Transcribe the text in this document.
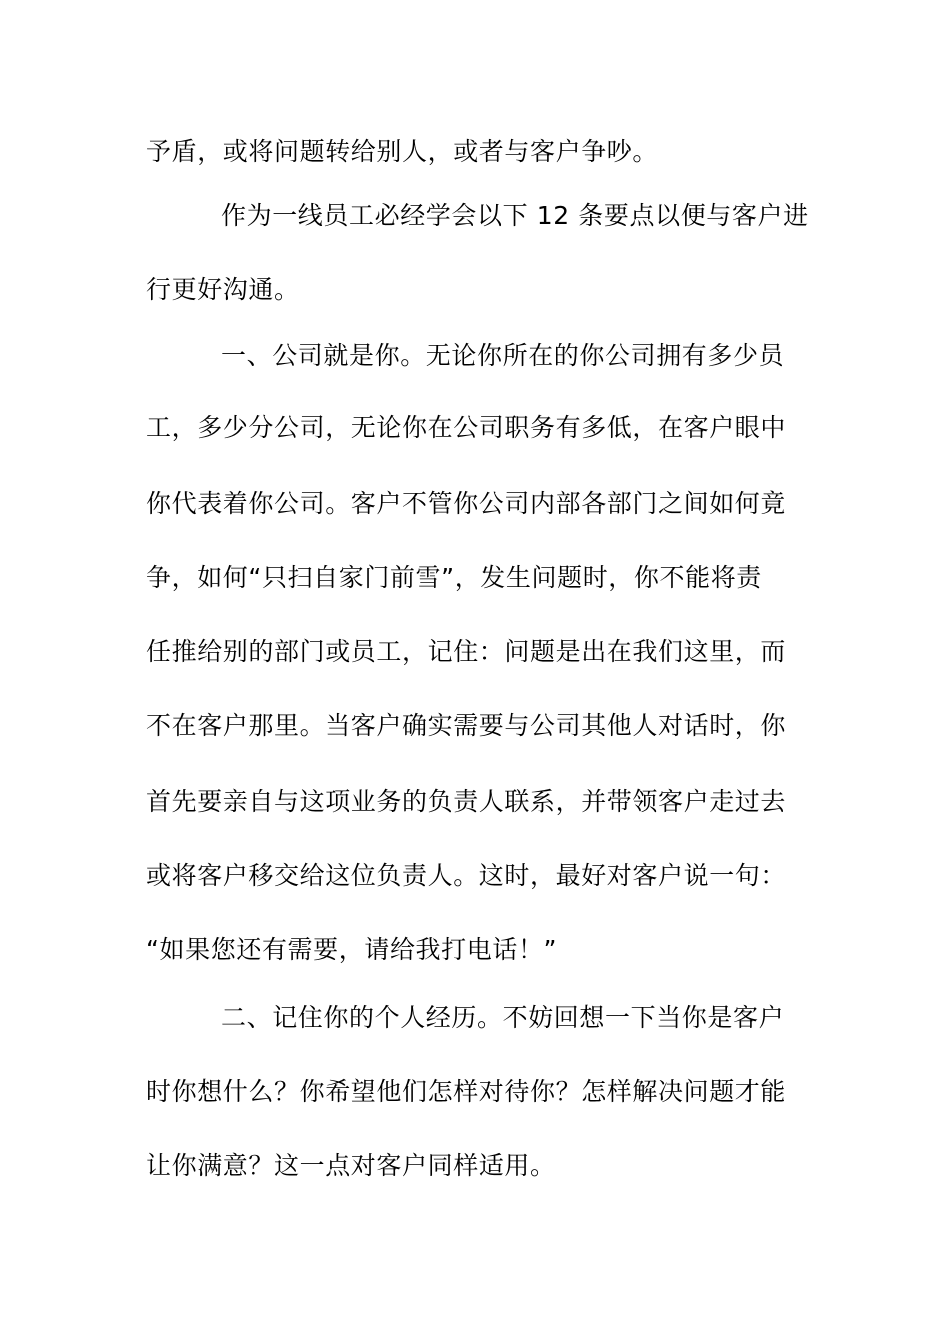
予盾，或将问题转给别人，或者与客户争吵。
作为一线员工必经学会以下 12 条要点以便与客户进
行更好沟通。
一、公司就是你。无论你所在的你公司拥有多少员
工，多少分公司，无论你在公司职务有多低，在客户眼中
你代表着你公司。客户不管你公司内部各部门之间如何竟
争，如何“只扫自家门前雪”，发生问题时，你不能将责
任推给别的部门或员工，记住：问题是出在我们这里，而
不在客户那里。当客户确实需要与公司其他人对话时，你
首先要亲自与这项业务的负责人联系，并带领客户走过去
或将客户移交给这位负责人。这时，最好对客户说一句：
“如果您还有需要，请给我打电话！”
二、记住你的个人经历。不妨回想一下当你是客户
时你想什么？你希望他们怎样对待你？怎样解决问题才能
让你满意？这一点对客户同样适用。
